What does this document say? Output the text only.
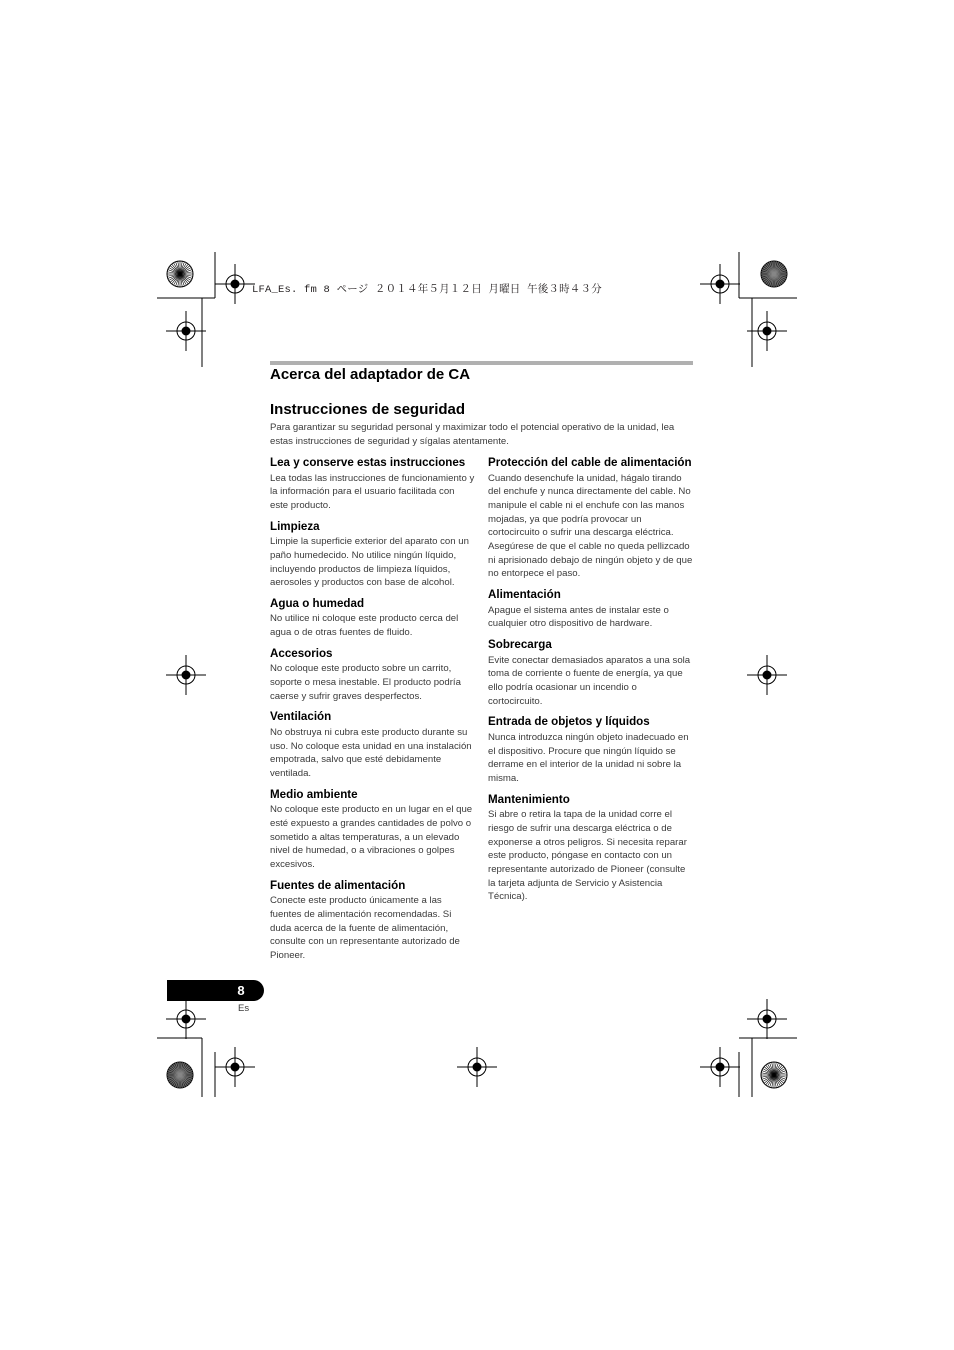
LFA_Es. fm 8 ページ ２０１４年５月１２日 月曜日 午後３時４３分
Acerca del adaptador de CA
Instrucciones de seguridad

Para garantizar su seguridad personal y maximizar todo el potencial operativo de la unidad, lea estas instrucciones de seguridad y sígalas atentamente.

Lea y conserve estas instrucciones

Lea todas las instrucciones de funcionamiento y la información para el usuario facilitada con este producto.

Limpieza

Limpie la superficie exterior del aparato con un paño humedecido. No utilice ningún líquido, incluyendo productos de limpieza líquidos, aerosoles y productos con base de alcohol.

Agua o humedad

No utilice ni coloque este producto cerca del agua o de otras fuentes de fluido.

Accesorios

No coloque este producto sobre un carrito, soporte o mesa inestable. El producto podría caerse y sufrir graves desperfectos.

Ventilación

No obstruya ni cubra este producto durante su uso. No coloque esta unidad en una instalación empotrada, salvo que esté debidamente ventilada.

Medio ambiente

No coloque este producto en un lugar en el que esté expuesto a grandes cantidades de polvo o sometido a altas temperaturas, a un elevado nivel de humedad, o a vibraciones o golpes excesivos.

Fuentes de alimentación

Conecte este producto únicamente a las fuentes de alimentación recomendadas. Si duda acerca de la fuente de alimentación, consulte con un representante autorizado de Pioneer.

Protección del cable de alimentación

Cuando desenchufe la unidad, hágalo tirando del enchufe y nunca directamente del cable. No manipule el cable ni el enchufe con las manos mojadas, ya que podría provocar un cortocircuito o sufrir una descarga eléctrica. Asegúrese de que el cable no queda pellizcado ni aprisionado debajo de ningún objeto y de que no entorpece el paso.

Alimentación

Apague el sistema antes de instalar este o cualquier otro dispositivo de hardware.

Sobrecarga

Evite conectar demasiados aparatos a una sola toma de corriente o fuente de energía, ya que ello podría ocasionar un incendio o cortocircuito.

Entrada de objetos y líquidos

Nunca introduzca ningún objeto inadecuado en el dispositivo. Procure que ningún líquido se derrame en el interior de la unidad ni sobre la misma.

Mantenimiento

Si abre o retira la tapa de la unidad corre el riesgo de sufrir una descarga eléctrica o de exponerse a otros peligros. Si necesita reparar este producto, póngase en contacto con un representante autorizado de Pioneer (consulte la tarjeta adjunta de Servicio y Asistencia Técnica).

8
Es
